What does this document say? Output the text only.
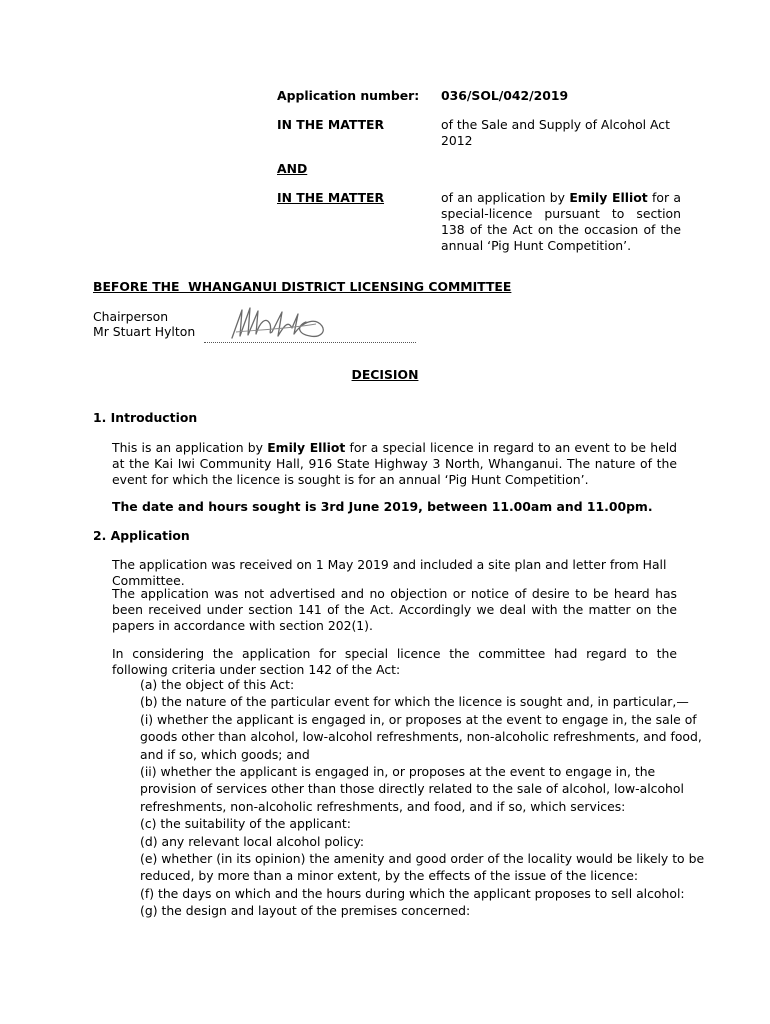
Application number: 036/SOL/042/2019
IN THE MATTER	of the Sale and Supply of Alcohol Act 2012
AND
IN THE MATTER	of an application by Emily Elliot for a special-licence pursuant to section 138 of the Act on the occasion of the annual ‘Pig Hunt Competition’.
BEFORE THE  WHANGANUI DISTRICT LICENSING COMMITTEE
Chairperson
Mr Stuart Hylton
DECISION
1. Introduction
This is an application by Emily Elliot for a special licence in regard to an event to be held at the Kai Iwi Community Hall, 916 State Highway 3 North, Whanganui. The nature of the event for which the licence is sought is for an annual ‘Pig Hunt Competition’.
The date and hours sought is 3rd June 2019, between 11.00am and 11.00pm.
2. Application
The application was received on 1 May 2019 and included a site plan and letter from Hall Committee.
The application was not advertised and no objection or notice of desire to be heard has been received under section 141 of the Act. Accordingly we deal with the matter on the papers in accordance with section 202(1).
In considering the application for special licence the committee had regard to the following criteria under section 142 of the Act:
(a) the object of this Act:
(b) the nature of the particular event for which the licence is sought and, in particular,—
(i) whether the applicant is engaged in, or proposes at the event to engage in, the sale of
goods other than alcohol, low-alcohol refreshments, non-alcoholic refreshments, and food,
and if so, which goods; and
(ii) whether the applicant is engaged in, or proposes at the event to engage in, the
provision of services other than those directly related to the sale of alcohol, low-alcohol
refreshments, non-alcoholic refreshments, and food, and if so, which services:
(c) the suitability of the applicant:
(d) any relevant local alcohol policy:
(e) whether (in its opinion) the amenity and good order of the locality would be likely to be
reduced, by more than a minor extent, by the effects of the issue of the licence:
(f) the days on which and the hours during which the applicant proposes to sell alcohol:
(g) the design and layout of the premises concerned:
